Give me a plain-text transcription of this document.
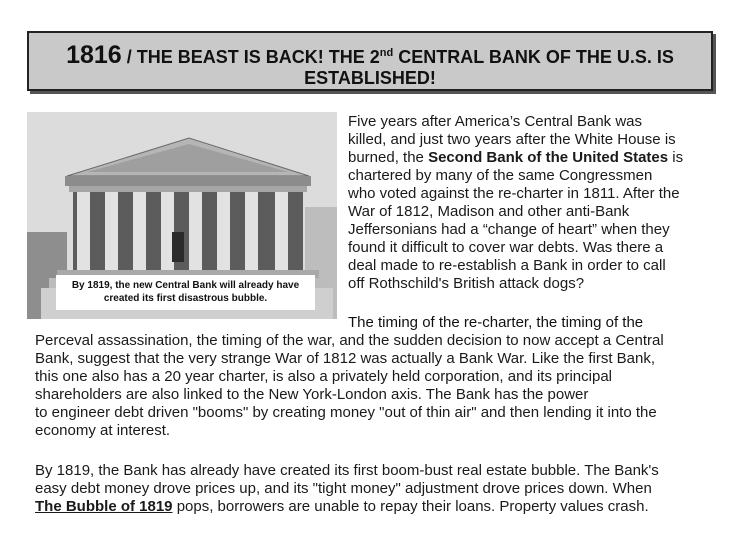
1816 / THE BEAST IS BACK! THE 2nd CENTRAL BANK OF THE U.S. IS
ESTABLISHED!
By 1819, the new Central Bank will already have
created its first disastrous bubble.
Five years after America’s Central Bank was
killed, and just two years after the White House is
burned, the Second Bank of the United States is
chartered by many of the same Congressmen
who voted against the re-charter in 1811. After the
War of 1812, Madison and other anti-Bank
Jeffersonians had a “change of heart” when they
found it difficult to cover war debts. Was there a
deal made to re-establish a Bank in order to call
off Rothschild's British attack dogs?
The timing of the re-charter, the timing of the
Perceval assassination, the timing of the war, and the sudden decision to now accept a Central
Bank, suggest that the very strange War of 1812 was actually a Bank War. Like the first Bank,
this one also has a 20 year charter, is also a privately held corporation, and its principal
shareholders are also linked to the New York-London axis. The Bank has the power
to engineer debt driven "booms" by creating money "out of thin air" and then lending it into the
economy at interest.
By 1819, the Bank has already have created its first boom-bust real estate bubble. The Bank's
easy debt money drove prices up, and its "tight money" adjustment drove prices down. When
The Bubble of 1819 pops, borrowers are unable to repay their loans. Property values crash.
